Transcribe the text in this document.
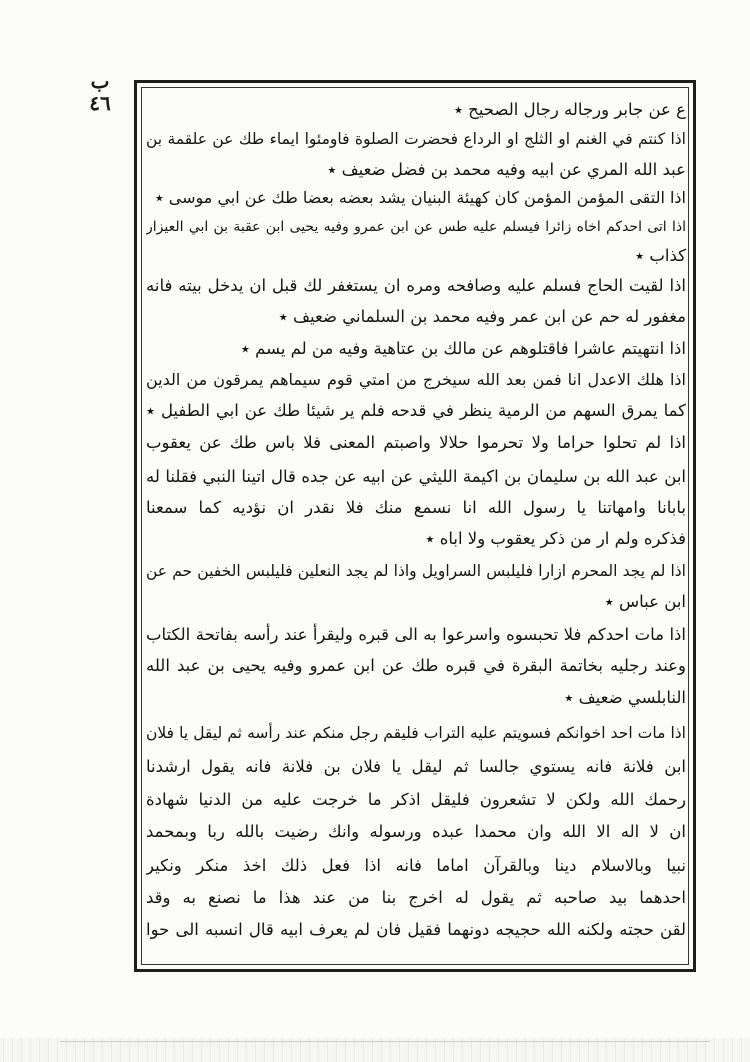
ب
٤٦	ع عن جابر ورجاله رجال الصحيح ٭
اذا كنتم في الغنم او الثلج او الرداع فحضرت الصلوة فاومئوا ايماء طك عن علقمة بن
عبد الله المري عن ابيه وفيه محمد بن فضل ضعيف ٭
اذا التقى المؤمن المؤمن كان كهيئة البنيان يشد بعضه بعضا طك عن ابي موسى ٭
اذا اتى احدكم اخاه زائرا فيسلم عليه طس عن ابن عمرو وفيه يحيى ابن عقبة بن ابي العيزار
كذاب ٭
اذا لقيت الحاج فسلم عليه وصافحه ومره ان يستغفر لك قبل ان يدخل بيته فانه
مغفور له حم عن ابن عمر وفيه محمد بن السلماني ضعيف ٭
اذا انتهيتم عاشرا فاقتلوهم عن مالك بن عتاهية وفيه من لم يسم ٭
اذا هلك الاعدل انا فمن بعد الله سيخرج من امتي قوم سيماهم يمرقون من الدين
كما يمرق السهم من الرمية ينظر في قدحه فلم ير شيئا طك عن ابي الطفيل ٭
اذا لم تحلوا حراما ولا تحرموا حلالا واصبتم المعنى فلا باس طك عن يعقوب
ابن عبد الله بن سليمان بن اكيمة الليثي عن ابيه عن جده قال اتينا النبي فقلنا له
بابانا وامهاتنا يا رسول الله انا نسمع منك فلا نقدر ان نؤديه كما سمعنا
فذكره ولم ار من ذكر يعقوب ولا اباه ٭
اذا لم يجد المحرم ازارا فليلبس السراويل واذا لم يجد النعلين فليلبس الخفين حم عن
ابن عباس ٭
اذا مات احدكم فلا تحبسوه واسرعوا به الى قبره وليقرأ عند رأسه بفاتحة الكتاب
وعند رجليه بخاتمة البقرة في قبره طك عن ابن عمرو وفيه يحيى بن عبد الله
النابلسي ضعيف ٭
اذا مات احد اخوانكم فسويتم عليه التراب فليقم رجل منكم عند رأسه ثم ليقل يا فلان
ابن فلانة فانه يستوي جالسا ثم ليقل يا فلان بن فلانة فانه يقول ارشدنا
رحمك الله ولكن لا تشعرون فليقل اذكر ما خرجت عليه من الدنيا شهادة
ان لا اله الا الله وان محمدا عبده ورسوله وانك رضيت بالله ربا وبمحمد
نبيا وبالاسلام دينا وبالقرآن اماما فانه اذا فعل ذلك اخذ منكر ونكير
احدهما بيد صاحبه ثم يقول له اخرج بنا من عند هذا ما نصنع به وقد
لقن حجته ولكنه الله حجيجه دونهما فقيل فان لم يعرف ابيه قال انسبه الى حوا
